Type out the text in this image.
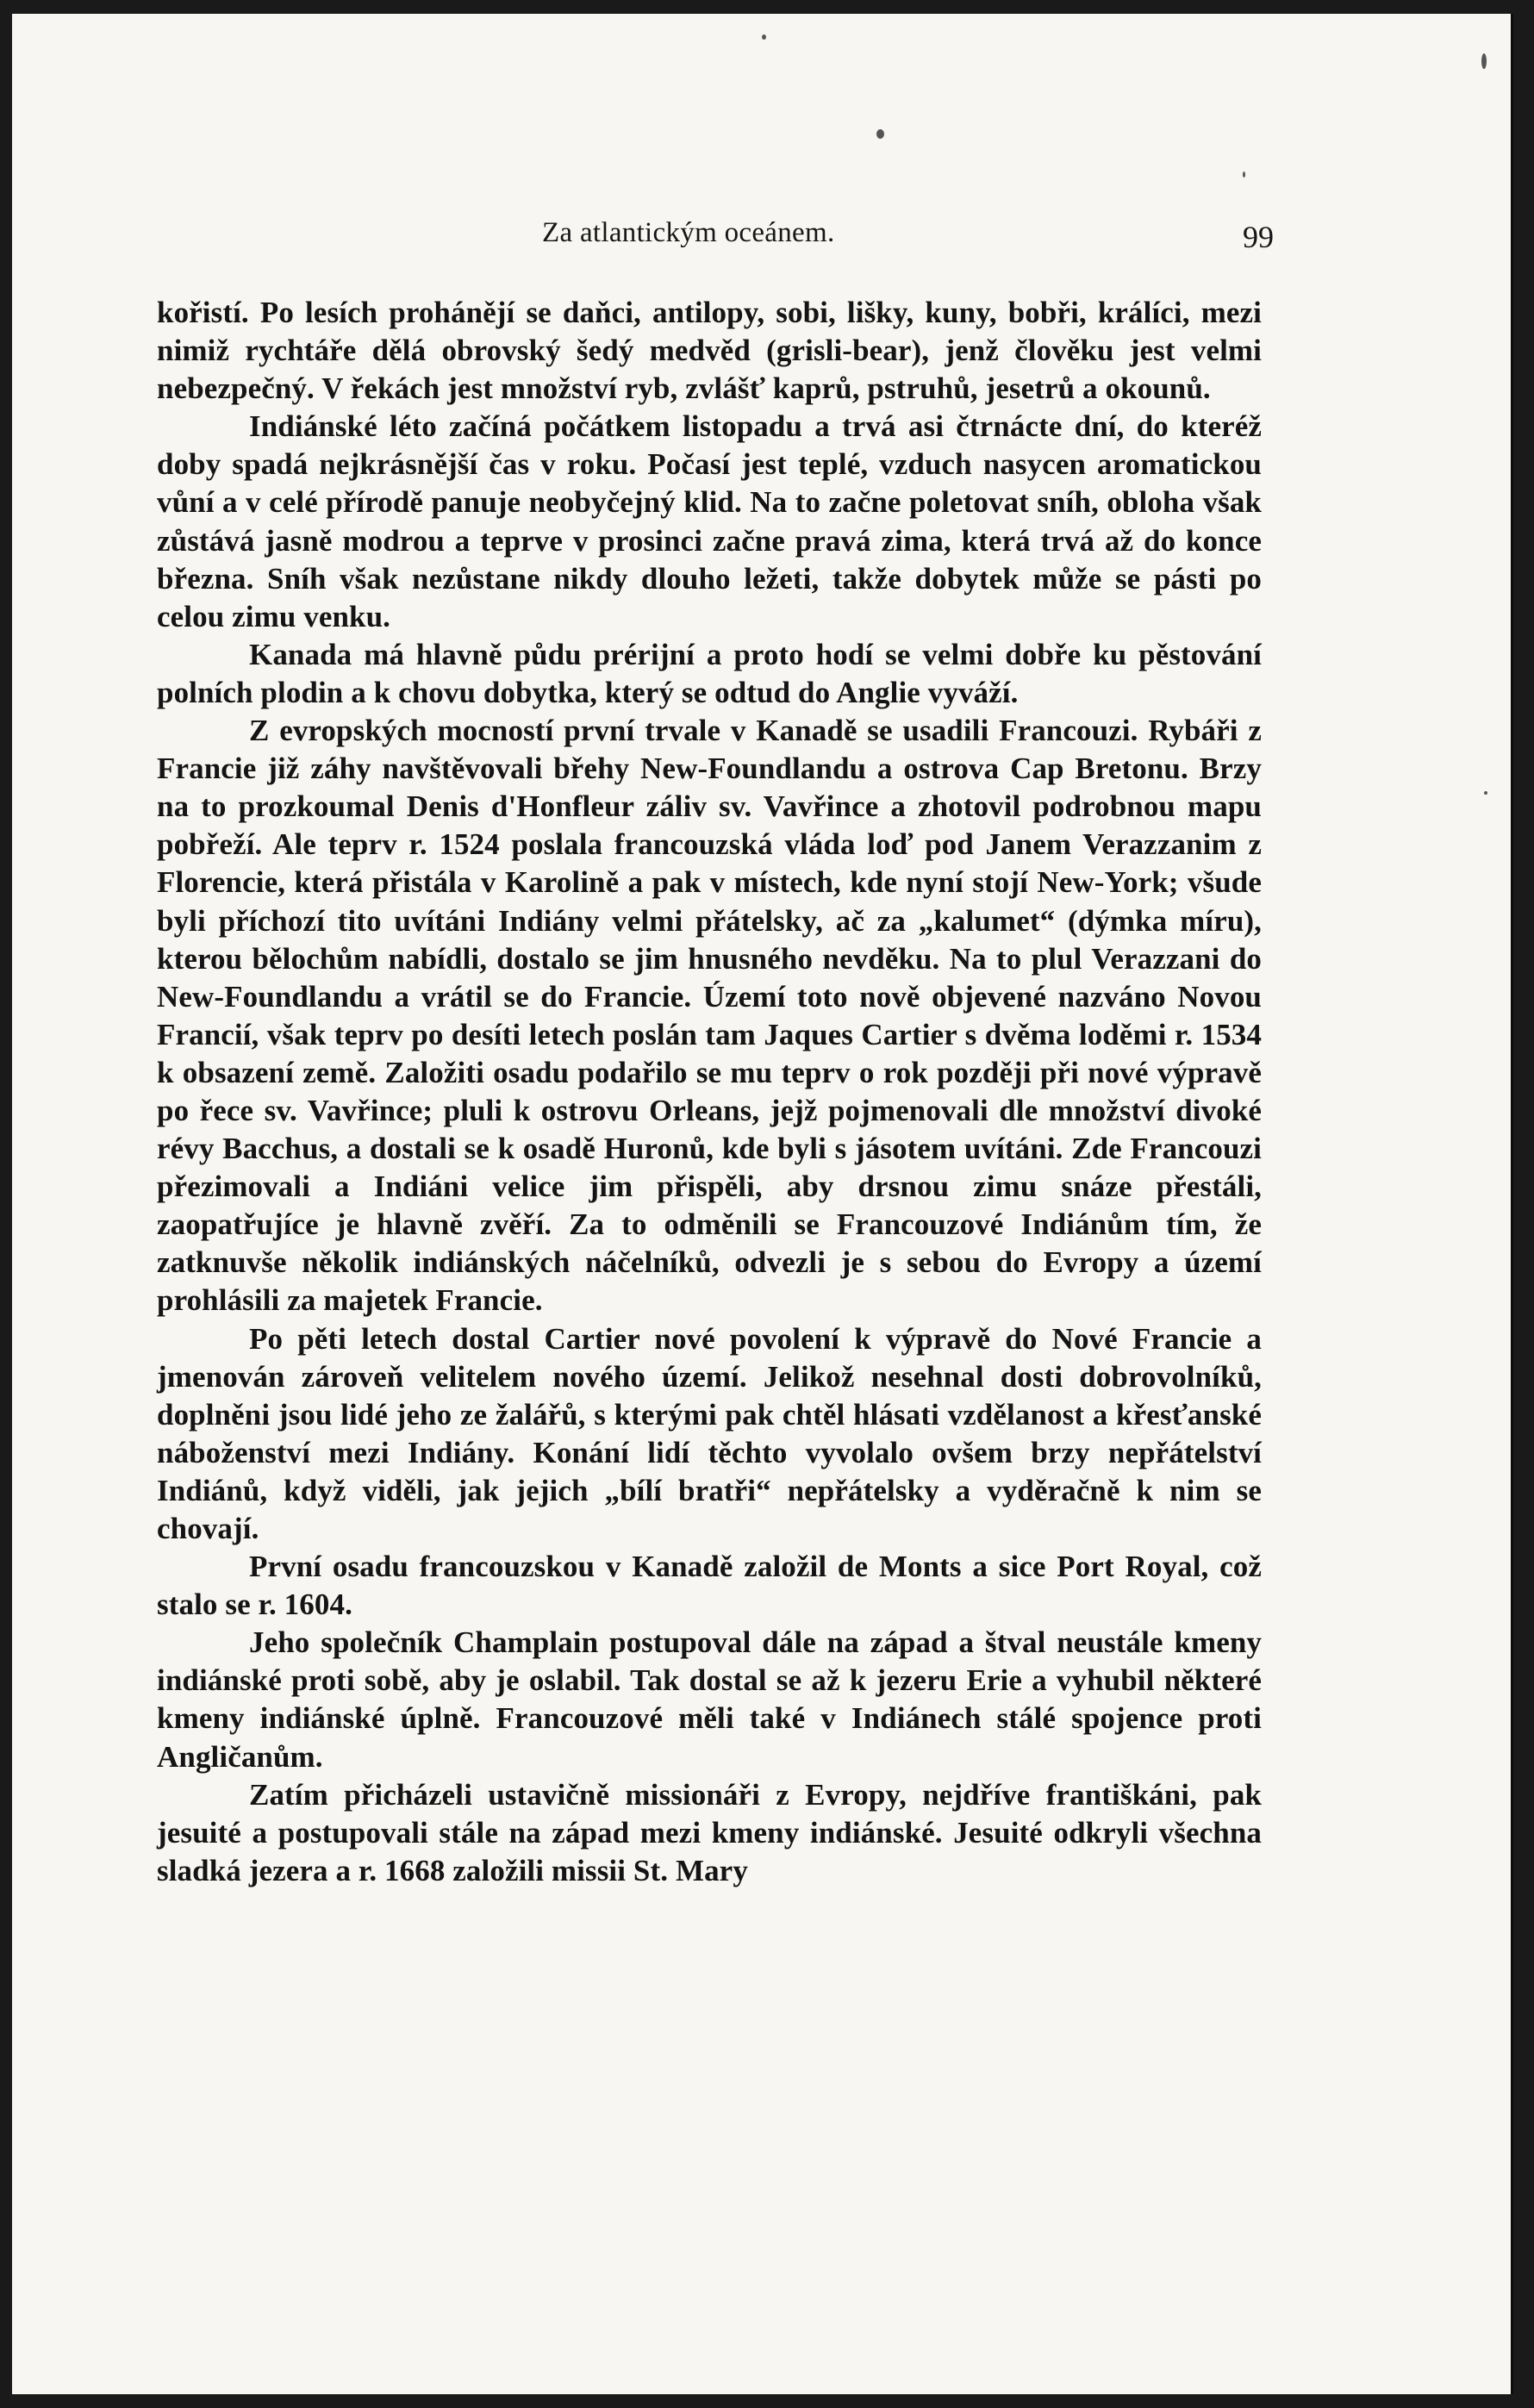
Za atlantickým oceánem.	99

kořistí. Po lesích prohánějí se daňci, antilopy, sobi, lišky, kuny, bobři, králíci, mezi nimiž rychtáře dělá obrovský šedý medvěd (grisli-bear), jenž člověku jest velmi nebezpečný. V řekách jest množství ryb, zvlášť kaprů, pstruhů, jesetrů a okounů.

Indiánské léto začíná počátkem listopadu a trvá asi čtrnácte dní, do kteréž doby spadá nejkrásnější čas v roku. Počasí jest teplé, vzduch nasycen aromatickou vůní a v celé přírodě panuje neobyčejný klid. Na to začne poletovat sníh, obloha však zůstává jasně modrou a teprve v prosinci začne pravá zima, která trvá až do konce března. Sníh však nezůstane nikdy dlouho ležeti, takže dobytek může se pásti po celou zimu venku.

Kanada má hlavně půdu prérijní a proto hodí se velmi dobře ku pěstování polních plodin a k chovu dobytka, který se odtud do Anglie vyváží.

Z evropských mocností první trvale v Kanadě se usadili Francouzi. Rybáři z Francie již záhy navštěvovali břehy New-Foundlandu a ostrova Cap Bretonu. Brzy na to prozkoumal Denis d'Honfleur záliv sv. Vavřince a zhotovil podrobnou mapu pobřeží. Ale teprv r. 1524 poslala francouzská vláda loď pod Janem Verazzanim z Florencie, která přistála v Karolině a pak v místech, kde nyní stojí New-York; všude byli příchozí tito uvítáni Indiány velmi přátelsky, ač za „kalumet“ (dýmka míru), kterou bělochům nabídli, dostalo se jim hnusného nevděku. Na to plul Verazzani do New-Foundlandu a vrátil se do Francie. Území toto nově objevené nazváno Novou Francií, však teprv po desíti letech poslán tam Jaques Cartier s dvěma loděmi r. 1534 k obsazení země. Založiti osadu podařilo se mu teprv o rok později při nové výpravě po řece sv. Vavřince; pluli k ostrovu Orleans, jejž pojmenovali dle množství divoké révy Bacchus, a dostali se k osadě Huronů, kde byli s jásotem uvítáni. Zde Francouzi přezimovali a Indiáni velice jim přispěli, aby drsnou zimu snáze přestáli, zaopatřujíce je hlavně zvěří. Za to odměnili se Francouzové Indiánům tím, že zatknuvše několik indiánských náčelníků, odvezli je s sebou do Evropy a území prohlásili za majetek Francie.

Po pěti letech dostal Cartier nové povolení k výpravě do Nové Francie a jmenován zároveň velitelem nového území. Jelikož nesehnal dosti dobrovolníků, doplněni jsou lidé jeho ze žalářů, s kterými pak chtěl hlásati vzdělanost a křesťanské náboženství mezi Indiány. Konání lidí těchto vyvolalo ovšem brzy nepřátelství Indiánů, když viděli, jak jejich „bílí bratři“ nepřátelsky a vyděračně k nim se chovají.

První osadu francouzskou v Kanadě založil de Monts a sice Port Royal, což stalo se r. 1604.

Jeho společník Champlain postupoval dále na západ a štval neustále kmeny indiánské proti sobě, aby je oslabil. Tak dostal se až k jezeru Erie a vyhubil některé kmeny indiánské úplně. Francouzové měli také v Indiánech stálé spojence proti Angličanům.

Zatím přicházeli ustavičně missionáři z Evropy, nejdříve františkáni, pak jesuité a postupovali stále na západ mezi kmeny indiánské. Jesuité odkryli všechna sladká jezera a r. 1668 založili missii St. Mary
